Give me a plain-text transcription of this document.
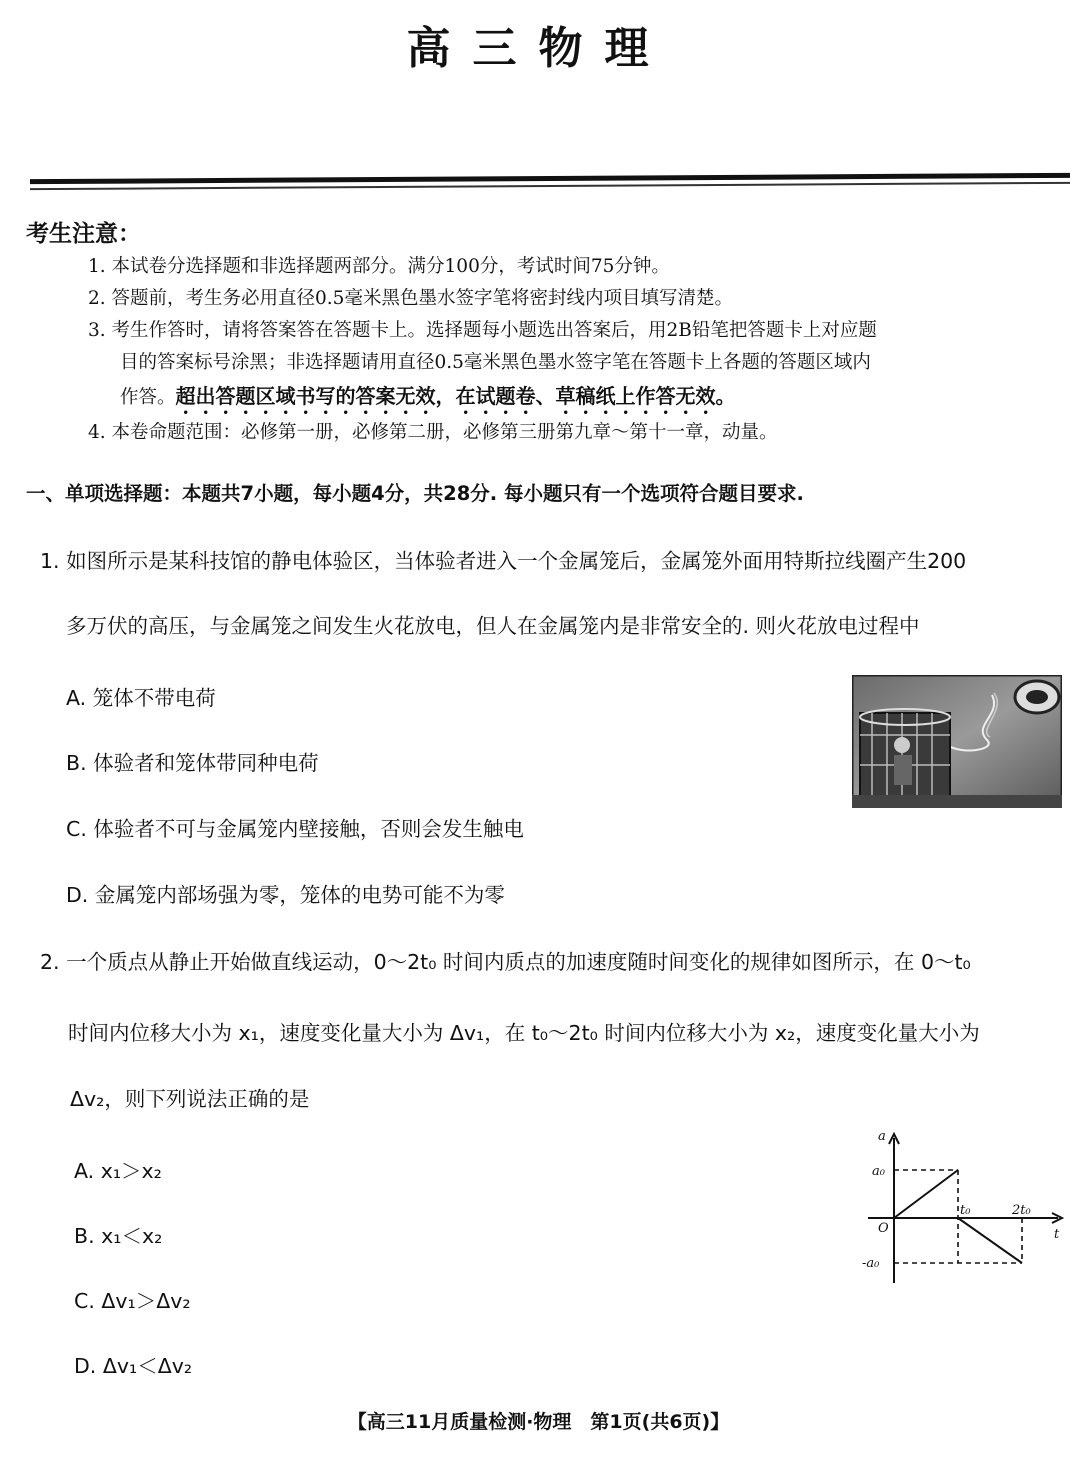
高三物理
考生注意：
1. 本试卷分选择题和非选择题两部分。满分100分，考试时间75分钟。
2. 答题前，考生务必用直径0.5毫米黑色墨水签字笔将密封线内项目填写清楚。
3. 考生作答时，请将答案答在答题卡上。选择题每小题选出答案后，用2B铅笔把答题卡上对应题
目的答案标号涂黑；非选择题请用直径0.5毫米黑色墨水签字笔在答题卡上各题的答题区域内
作答。超出答题区域书写的答案无效，在试题卷、草稿纸上作答无效。
4. 本卷命题范围：必修第一册，必修第二册，必修第三册第九章～第十一章，动量。
一、单项选择题：本题共7小题，每小题4分，共28分. 每小题只有一个选项符合题目要求.
1. 如图所示是某科技馆的静电体验区，当体验者进入一个金属笼后，金属笼外面用特斯拉线圈产生200
多万伏的高压，与金属笼之间发生火花放电，但人在金属笼内是非常安全的. 则火花放电过程中
A. 笼体不带电荷
B. 体验者和笼体带同种电荷
C. 体验者不可与金属笼内壁接触，否则会发生触电
D. 金属笼内部场强为零，笼体的电势可能不为零
2. 一个质点从静止开始做直线运动，0～2t₀ 时间内质点的加速度随时间变化的规律如图所示，在 0～t₀
时间内位移大小为 x₁，速度变化量大小为 Δv₁，在 t₀～2t₀ 时间内位移大小为 x₂，速度变化量大小为
Δv₂，则下列说法正确的是
A. x₁＞x₂
B. x₁＜x₂
C. Δv₁＞Δv₂
D. Δv₁＜Δv₂
a
t
O
a₀
-a₀
t₀	2t₀
【高三11月质量检测·物理　第1页(共6页)】
